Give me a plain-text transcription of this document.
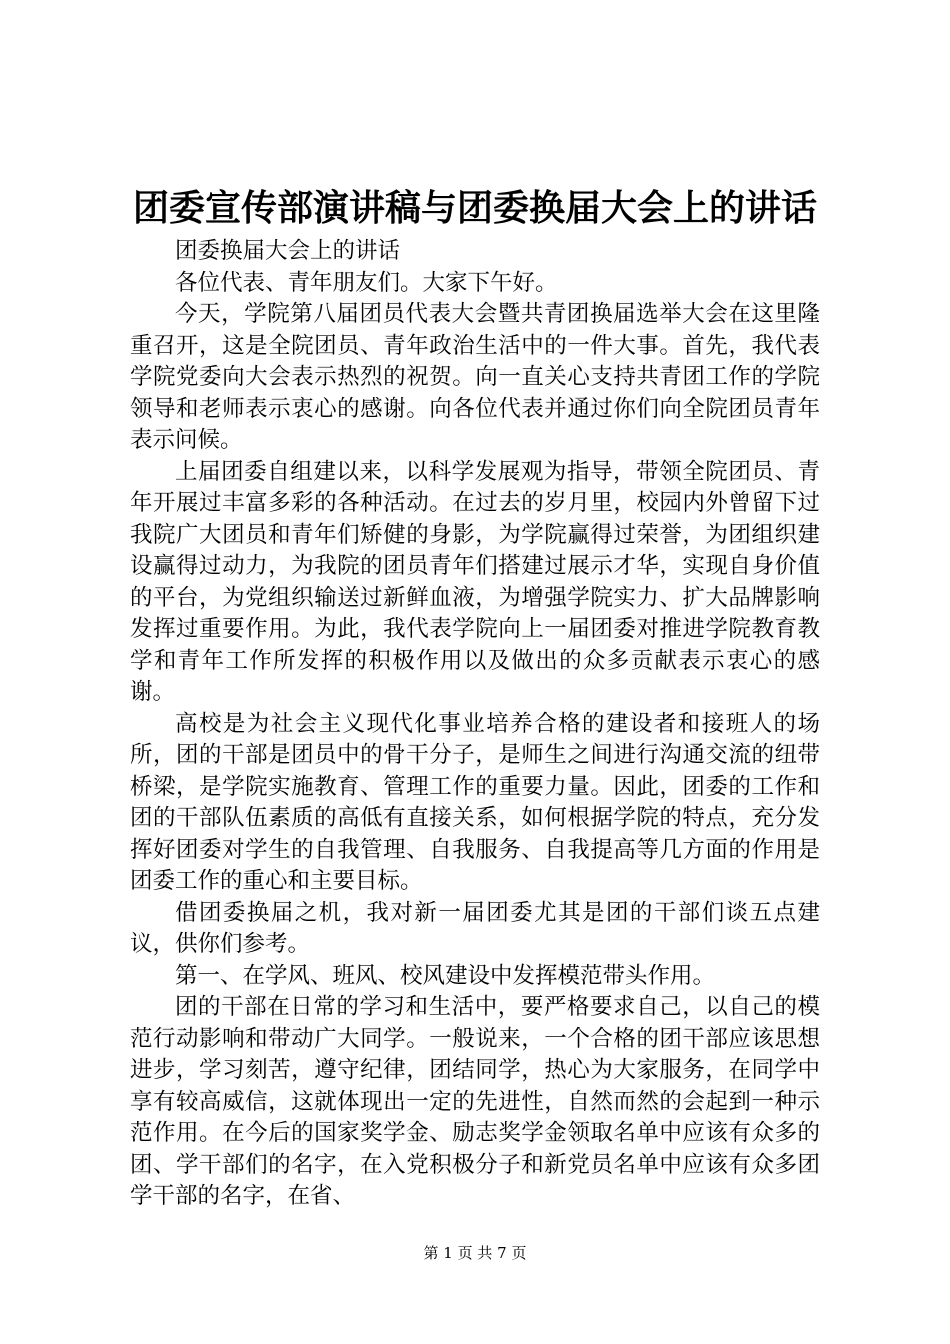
团委宣传部演讲稿与团委换届大会上的讲话

团委换届大会上的讲话

各位代表、青年朋友们。大家下午好。

今天，学院第八届团员代表大会暨共青团换届选举大会在这里隆重召开，这是全院团员、青年政治生活中的一件大事。首先，我代表学院党委向大会表示热烈的祝贺。向一直关心支持共青团工作的学院领导和老师表示衷心的感谢。向各位代表并通过你们向全院团员青年表示问候。

上届团委自组建以来，以科学发展观为指导，带领全院团员、青年开展过丰富多彩的各种活动。在过去的岁月里，校园内外曾留下过我院广大团员和青年们矫健的身影，为学院赢得过荣誉，为团组织建设赢得过动力，为我院的团员青年们搭建过展示才华，实现自身价值的平台，为党组织输送过新鲜血液，为增强学院实力、扩大品牌影响发挥过重要作用。为此，我代表学院向上一届团委对推进学院教育教学和青年工作所发挥的积极作用以及做出的众多贡献表示衷心的感谢。

高校是为社会主义现代化事业培养合格的建设者和接班人的场所，团的干部是团员中的骨干分子，是师生之间进行沟通交流的纽带桥梁，是学院实施教育、管理工作的重要力量。因此，团委的工作和团的干部队伍素质的高低有直接关系，如何根据学院的特点，充分发挥好团委对学生的自我管理、自我服务、自我提高等几方面的作用是团委工作的重心和主要目标。

借团委换届之机，我对新一届团委尤其是团的干部们谈五点建议，供你们参考。

第一、在学风、班风、校风建设中发挥模范带头作用。

团的干部在日常的学习和生活中，要严格要求自己，以自己的模范行动影响和带动广大同学。一般说来，一个合格的团干部应该思想进步，学习刻苦，遵守纪律，团结同学，热心为大家服务，在同学中享有较高威信，这就体现出一定的先进性，自然而然的会起到一种示范作用。在今后的国家奖学金、励志奖学金领取名单中应该有众多的团、学干部们的名字，在入党积极分子和新党员名单中应该有众多团学干部的名字，在省、

第 1 页 共 7 页
